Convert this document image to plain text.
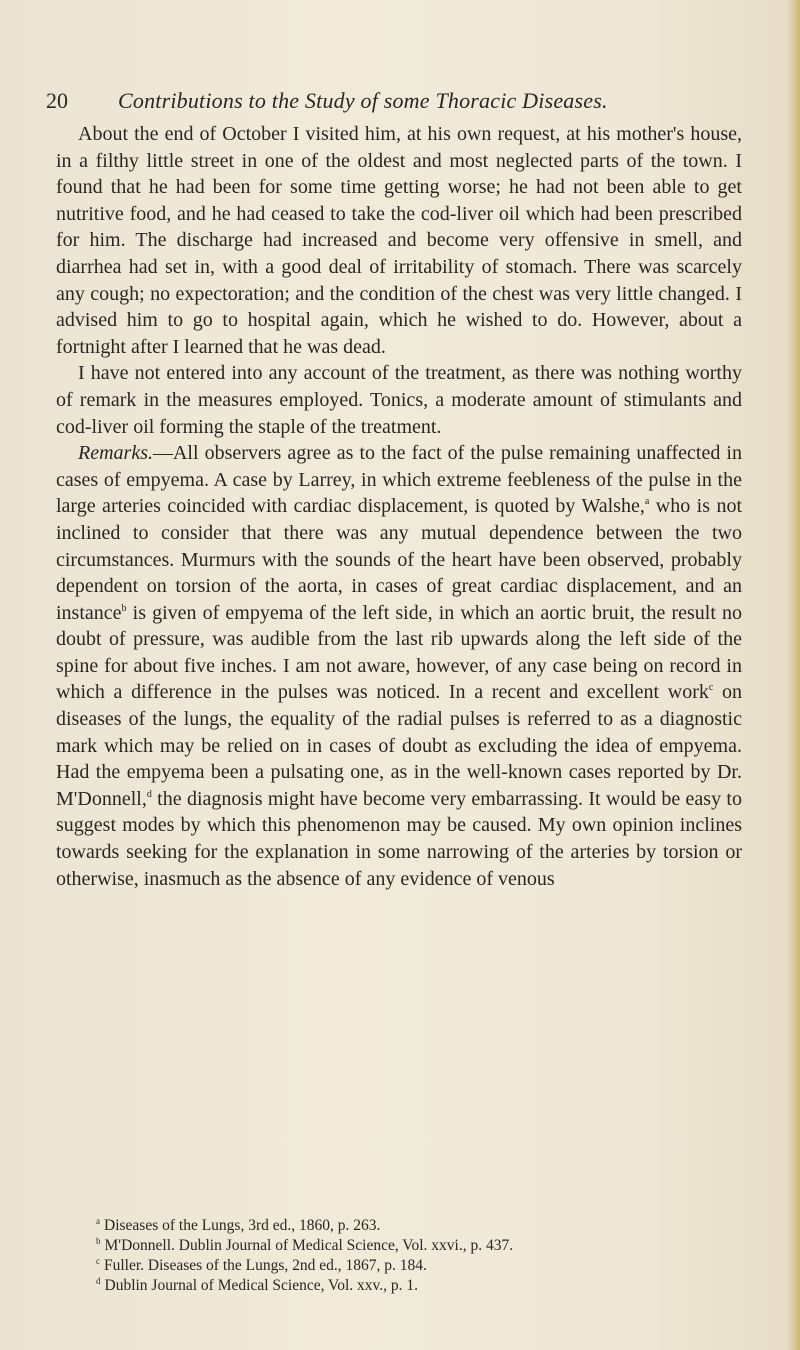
20 Contributions to the Study of some Thoracic Diseases.

About the end of October I visited him, at his own request, at his mother's house, in a filthy little street in one of the oldest and most neglected parts of the town. I found that he had been for some time getting worse; he had not been able to get nutritive food, and he had ceased to take the cod-liver oil which had been prescribed for him. The discharge had increased and become very offensive in smell, and diarrhea had set in, with a good deal of irritability of stomach. There was scarcely any cough; no expectoration; and the condition of the chest was very little changed. I advised him to go to hospital again, which he wished to do. However, about a fortnight after I learned that he was dead.

I have not entered into any account of the treatment, as there was nothing worthy of remark in the measures employed. Tonics, a moderate amount of stimulants and cod-liver oil forming the staple of the treatment.

Remarks.—All observers agree as to the fact of the pulse remaining unaffected in cases of empyema. A case by Larrey, in which extreme feebleness of the pulse in the large arteries coincided with cardiac displacement, is quoted by Walshe,$^a$ who is not inclined to consider that there was any mutual dependence between the two circumstances. Murmurs with the sounds of the heart have been observed, probably dependent on torsion of the aorta, in cases of great cardiac displacement, and an instance$^b$ is given of empyema of the left side, in which an aortic bruit, the result no doubt of pressure, was audible from the last rib upwards along the left side of the spine for about five inches. I am not aware, however, of any case being on record in which a difference in the pulses was noticed. In a recent and excellent work$^c$ on diseases of the lungs, the equality of the radial pulses is referred to as a diagnostic mark which may be relied on in cases of doubt as excluding the idea of empyema. Had the empyema been a pulsating one, as in the well-known cases reported by Dr. M'Donnell,$^d$ the diagnosis might have become very embarrassing. It would be easy to suggest modes by which this phenomenon may be caused. My own opinion inclines towards seeking for the explanation in some narrowing of the arteries by torsion or otherwise, inasmuch as the absence of any evidence of venous

$^a$ Diseases of the Lungs, 3rd ed., 1860, p. 263.

$^b$ M'Donnell. Dublin Journal of Medical Science, Vol. xxvi., p. 437.

$^c$ Fuller. Diseases of the Lungs, 2nd ed., 1867, p. 184.

$^d$ Dublin Journal of Medical Science, Vol. xxv., p. 1.
